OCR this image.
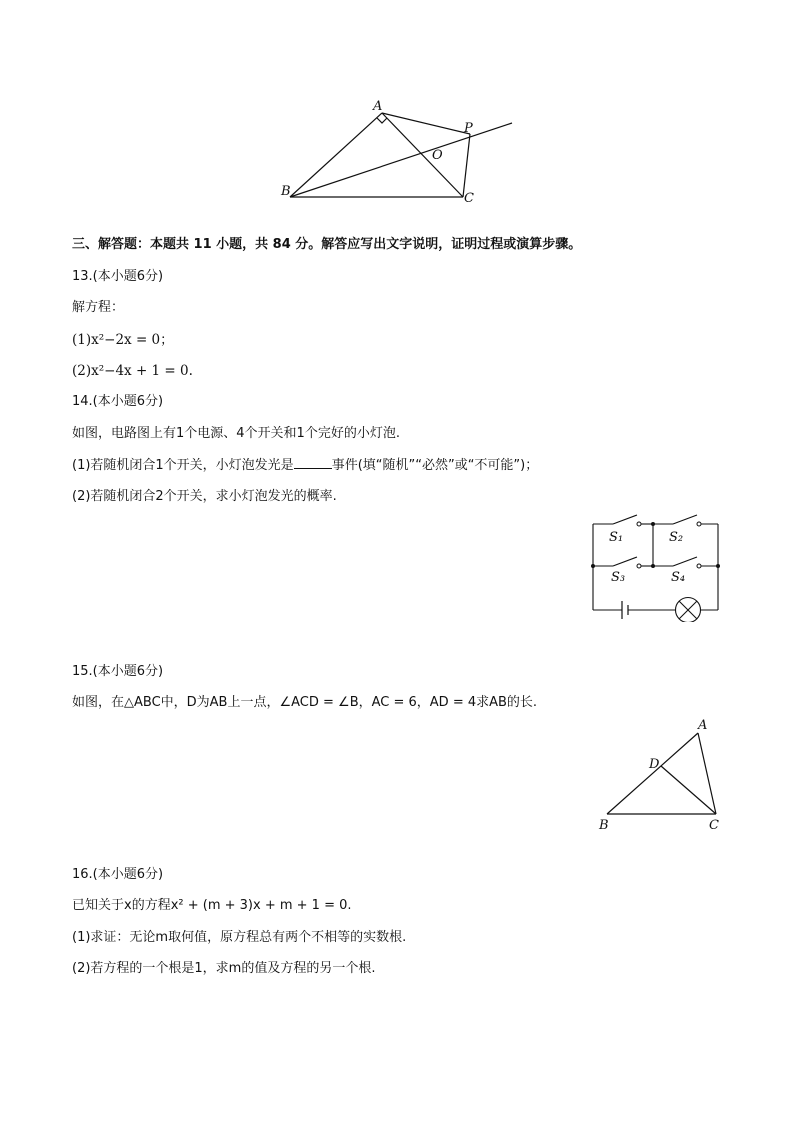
A
P
O
B	C
三、解答题：本题共 11 小题，共 84 分。解答应写出文字说明，证明过程或演算步骤。
13.(本小题6分)
解方程：
(1)x²−2x = 0；
(2)x²−4x + 1 = 0.
14.(本小题6分)
如图，电路图上有1个电源、4个开关和1个完好的小灯泡.
(1)若随机闭合1个开关，小灯泡发光是	事件(填“随机”“必然”或“不可能”)；
(2)若随机闭合2个开关，求小灯泡发光的概率.
S₁	S₂
S₃	S₄
15.(本小题6分)
如图，在△ABC中，D为AB上一点，∠ACD = ∠B，AC = 6，AD = 4求AB的长.
A
D
B	C
16.(本小题6分)
已知关于x的方程x² + (m + 3)x + m + 1 = 0.
(1)求证：无论m取何值，原方程总有两个不相等的实数根.
(2)若方程的一个根是1，求m的值及方程的另一个根.
